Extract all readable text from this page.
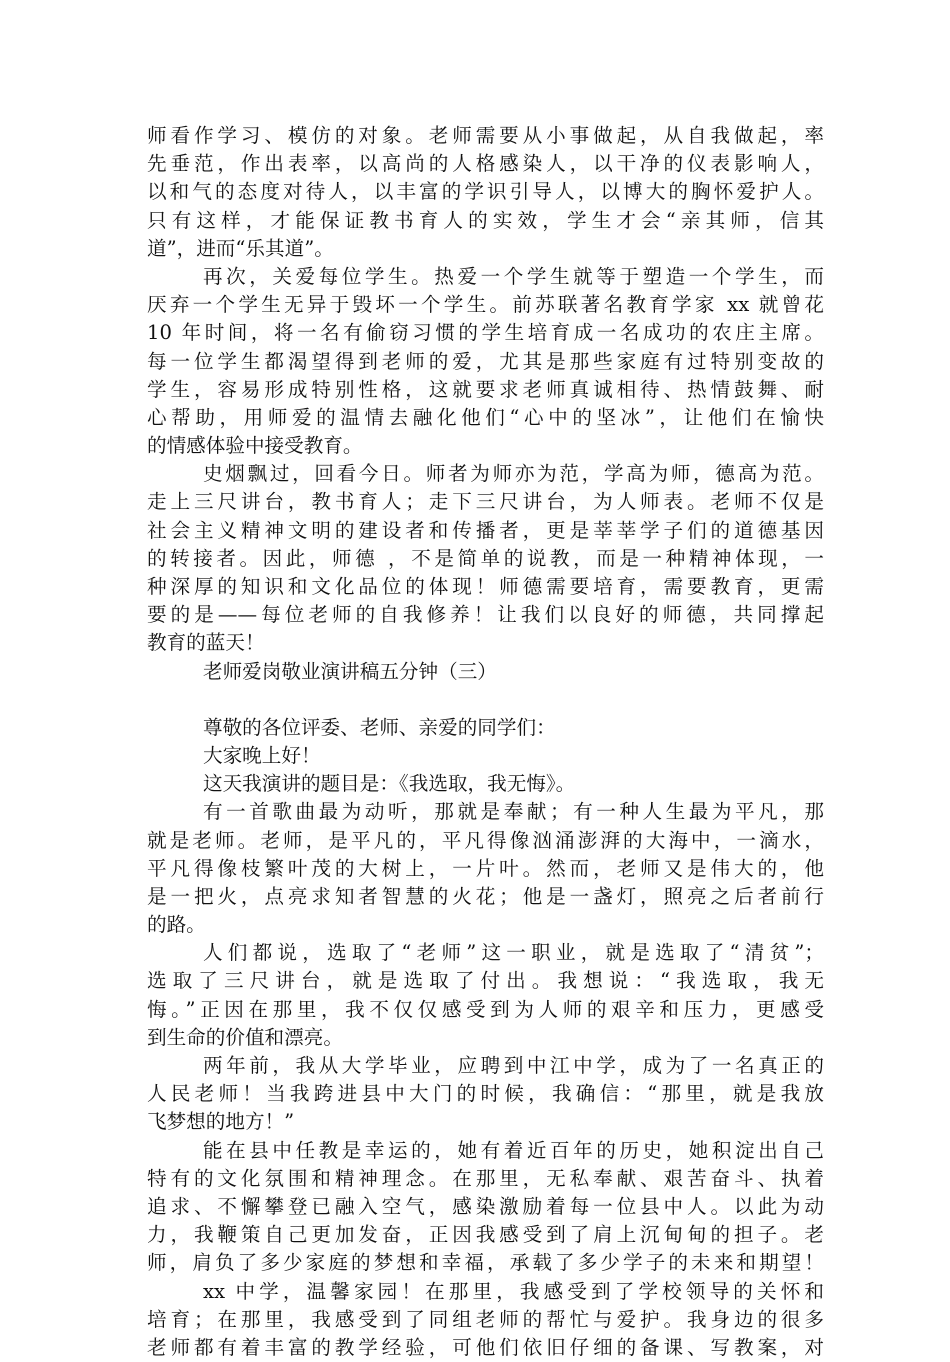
师看作学习、模仿的对象。老师需要从小事做起，从自我做起，率
先垂范，作出表率，以高尚的人格感染人，以干净的仪表影响人，
以和气的态度对待人，以丰富的学识引导人，以博大的胸怀爱护人。
只有这样，才能保证教书育人的实效，学生才会“亲其师，信其
道”，进而“乐其道”。
再次，关爱每位学生。热爱一个学生就等于塑造一个学生，而
厌弃一个学生无异于毁坏一个学生。前苏联著名教育学家 xx 就曾花
10 年时间，将一名有偷窃习惯的学生培育成一名成功的农庄主席。
每一位学生都渴望得到老师的爱，尤其是那些家庭有过特别变故的
学生，容易形成特别性格，这就要求老师真诚相待、热情鼓舞、耐
心帮助，用师爱的温情去融化他们“心中的坚冰”，让他们在愉快
的情感体验中接受教育。
史烟飘过，回看今日。师者为师亦为范，学高为师，德高为范。
走上三尺讲台，教书育人；走下三尺讲台，为人师表。老师不仅是
社会主义精神文明的建设者和传播者，更是莘莘学子们的道德基因
的转接者。因此，师德 ，不是简单的说教，而是一种精神体现，一
种深厚的知识和文化品位的体现！师德需要培育，需要教育，更需
要的是——每位老师的自我修养！让我们以良好的师德，共同撑起
教育的蓝天！
老师爱岗敬业演讲稿五分钟（三）
尊敬的各位评委、老师、亲爱的同学们：
大家晚上好！
这天我演讲的题目是：《我选取，我无悔》。
有一首歌曲最为动听，那就是奉献；有一种人生最为平凡，那
就是老师。老师，是平凡的，平凡得像汹涌澎湃的大海中，一滴水，
平凡得像枝繁叶茂的大树上，一片叶。然而，老师又是伟大的，他
是一把火，点亮求知者智慧的火花；他是一盏灯，照亮之后者前行
的路。
人们都说，选取了“老师”这一职业，就是选取了“清贫”；
选取了三尺讲台，就是选取了付出。我想说：“我选取，我无
悔。”正因在那里，我不仅仅感受到为人师的艰辛和压力，更感受
到生命的价值和漂亮。
两年前，我从大学毕业，应聘到中江中学，成为了一名真正的
人民老师！当我跨进县中大门的时候，我确信：“那里，就是我放
飞梦想的地方！”
能在县中任教是幸运的，她有着近百年的历史，她积淀出自己
特有的文化氛围和精神理念。在那里，无私奉献、艰苦奋斗、执着
追求、不懈攀登已融入空气，感染激励着每一位县中人。以此为动
力，我鞭策自己更加发奋，正因我感受到了肩上沉甸甸的担子。老
师，肩负了多少家庭的梦想和幸福，承载了多少学子的未来和期望！
xx 中学，温馨家园！在那里，我感受到了学校领导的关怀和
培育；在那里，我感受到了同组老师的帮忙与爱护。我身边的很多
老师都有着丰富的教学经验，可他们依旧仔细的备课、写教案，对
